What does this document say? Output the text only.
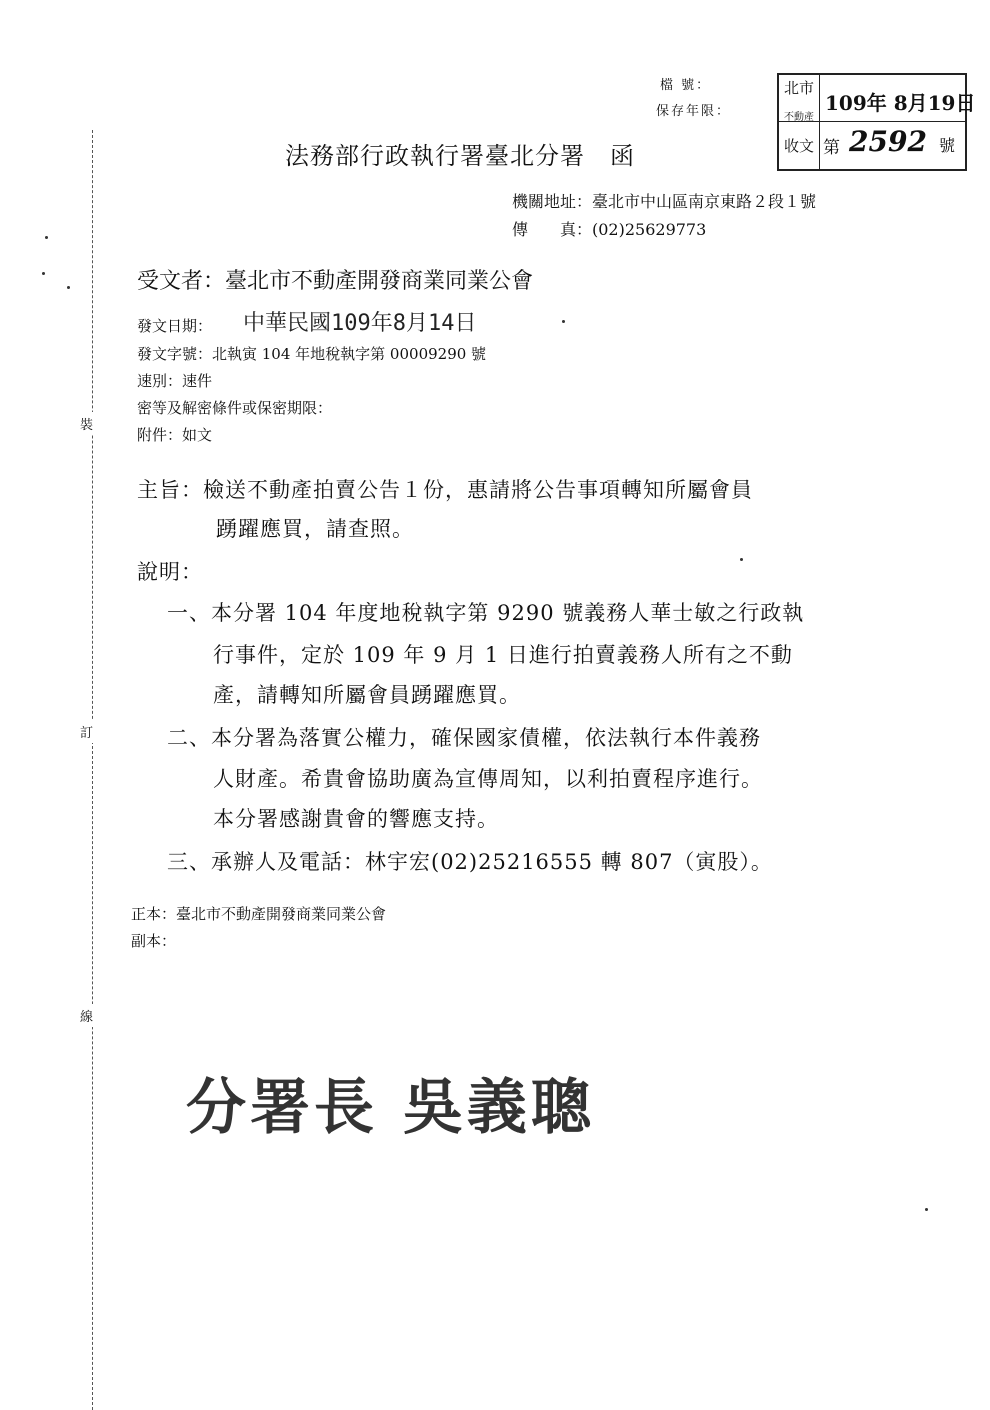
裝
訂
線
檔 號：
保存年限：
北市
不動產
收文
109年 8月19日
第 2592 號
法務部行政執行署臺北分署　函
機關地址：臺北市中山區南京東路２段１號
傳　　真：(02)25629773
受文者：臺北市不動產開發商業同業公會
發文日期： 中華民國109年8月14日
發文字號：北執寅 104 年地稅執字第 00009290 號
速別：速件
密等及解密條件或保密期限：
附件：如文
主旨：檢送不動產拍賣公告１份，惠請將公告事項轉知所屬會員
踴躍應買，請查照。
說明：
一、本分署 104 年度地稅執字第 9290 號義務人華士敏之行政執
行事件，定於 109 年 9 月 1 日進行拍賣義務人所有之不動
產，請轉知所屬會員踴躍應買。
二、本分署為落實公權力，確保國家債權，依法執行本件義務
人財產。希貴會協助廣為宣傳周知，以利拍賣程序進行。
本分署感謝貴會的響應支持。
三、承辦人及電話：林宇宏(02)25216555 轉 807（寅股）。
正本：臺北市不動產開發商業同業公會
副本：
分署長 吳義聰
